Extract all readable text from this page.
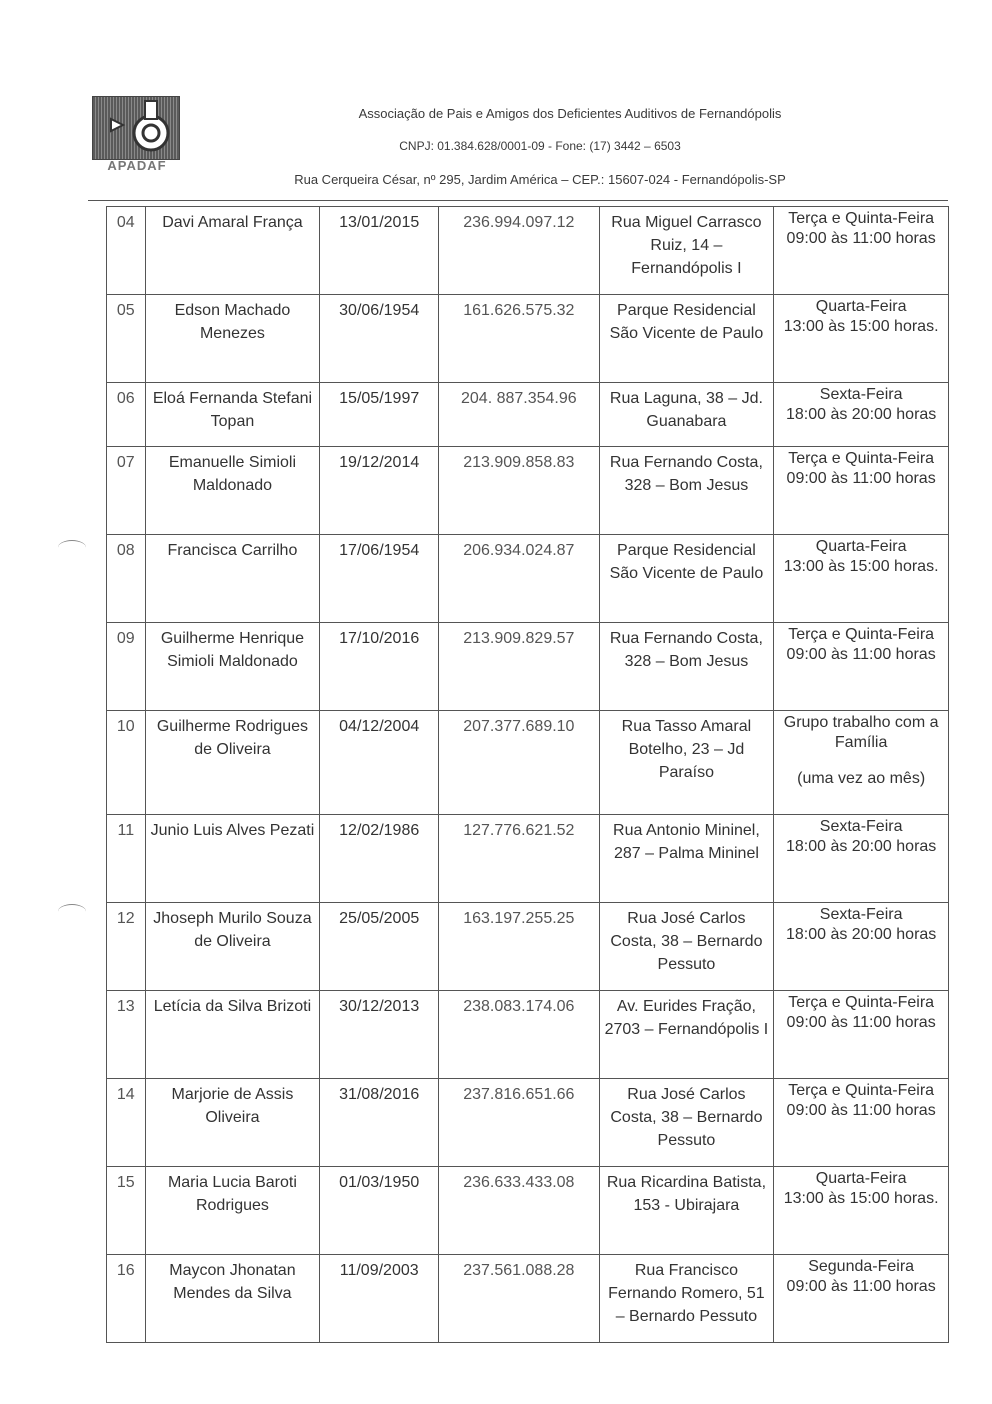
APADAF
Associação de Pais e Amigos dos Deficientes Auditivos de Fernandópolis
CNPJ: 01.384.628/0001-09 - Fone: (17) 3442 – 6503
Rua Cerqueira César, nº 295, Jardim América – CEP.: 15607-024 - Fernandópolis-SP
04	Davi Amaral França	13/01/2015	236.994.097.12	Rua Miguel Carrasco Ruiz, 14 – Fernandópolis I	Terça e Quinta-Feira
09:00 às 11:00 horas

05	Edson Machado Menezes	30/06/1954	161.626.575.32	Parque Residencial São Vicente de Paulo	Quarta-Feira
13:00 às 15:00 horas.

06	Eloá Fernanda Stefani Topan	15/05/1997	204. 887.354.96	Rua Laguna, 38 – Jd. Guanabara	Sexta-Feira
18:00 às 20:00 horas

07	Emanuelle Simioli Maldonado	19/12/2014	213.909.858.83	Rua Fernando Costa, 328 – Bom Jesus	Terça e Quinta-Feira
09:00 às 11:00 horas

08	Francisca Carrilho	17/06/1954	206.934.024.87	Parque Residencial São Vicente de Paulo	Quarta-Feira
13:00 às 15:00 horas.

09	Guilherme Henrique Simioli Maldonado	17/10/2016	213.909.829.57	Rua Fernando Costa, 328 – Bom Jesus	Terça e Quinta-Feira
09:00 às 11:00 horas

10	Guilherme Rodrigues de Oliveira	04/12/2004	207.377.689.10	Rua Tasso Amaral Botelho, 23 – Jd Paraíso	Grupo trabalho com a Família
(uma vez ao mês)

11	Junio Luis Alves Pezati	12/02/1986	127.776.621.52	Rua Antonio Mininel, 287 – Palma Mininel	Sexta-Feira
18:00 às 20:00 horas

12	Jhoseph Murilo Souza de Oliveira	25/05/2005	163.197.255.25	Rua José Carlos Costa, 38 – Bernardo Pessuto	Sexta-Feira
18:00 às 20:00 horas

13	Letícia da Silva Brizoti	30/12/2013	238.083.174.06	Av. Eurides Fração, 2703 – Fernandópolis I	Terça e Quinta-Feira
09:00 às 11:00 horas

14	Marjorie de Assis Oliveira	31/08/2016	237.816.651.66	Rua José Carlos Costa, 38 – Bernardo Pessuto	Terça e Quinta-Feira
09:00 às 11:00 horas

15	Maria Lucia Baroti Rodrigues	01/03/1950	236.633.433.08	Rua Ricardina Batista, 153 - Ubirajara	Quarta-Feira
13:00 às 15:00 horas.

16	Maycon Jhonatan Mendes da Silva	11/09/2003	237.561.088.28	Rua Francisco Fernando Romero, 51 – Bernardo Pessuto	Segunda-Feira
09:00 às 11:00 horas
